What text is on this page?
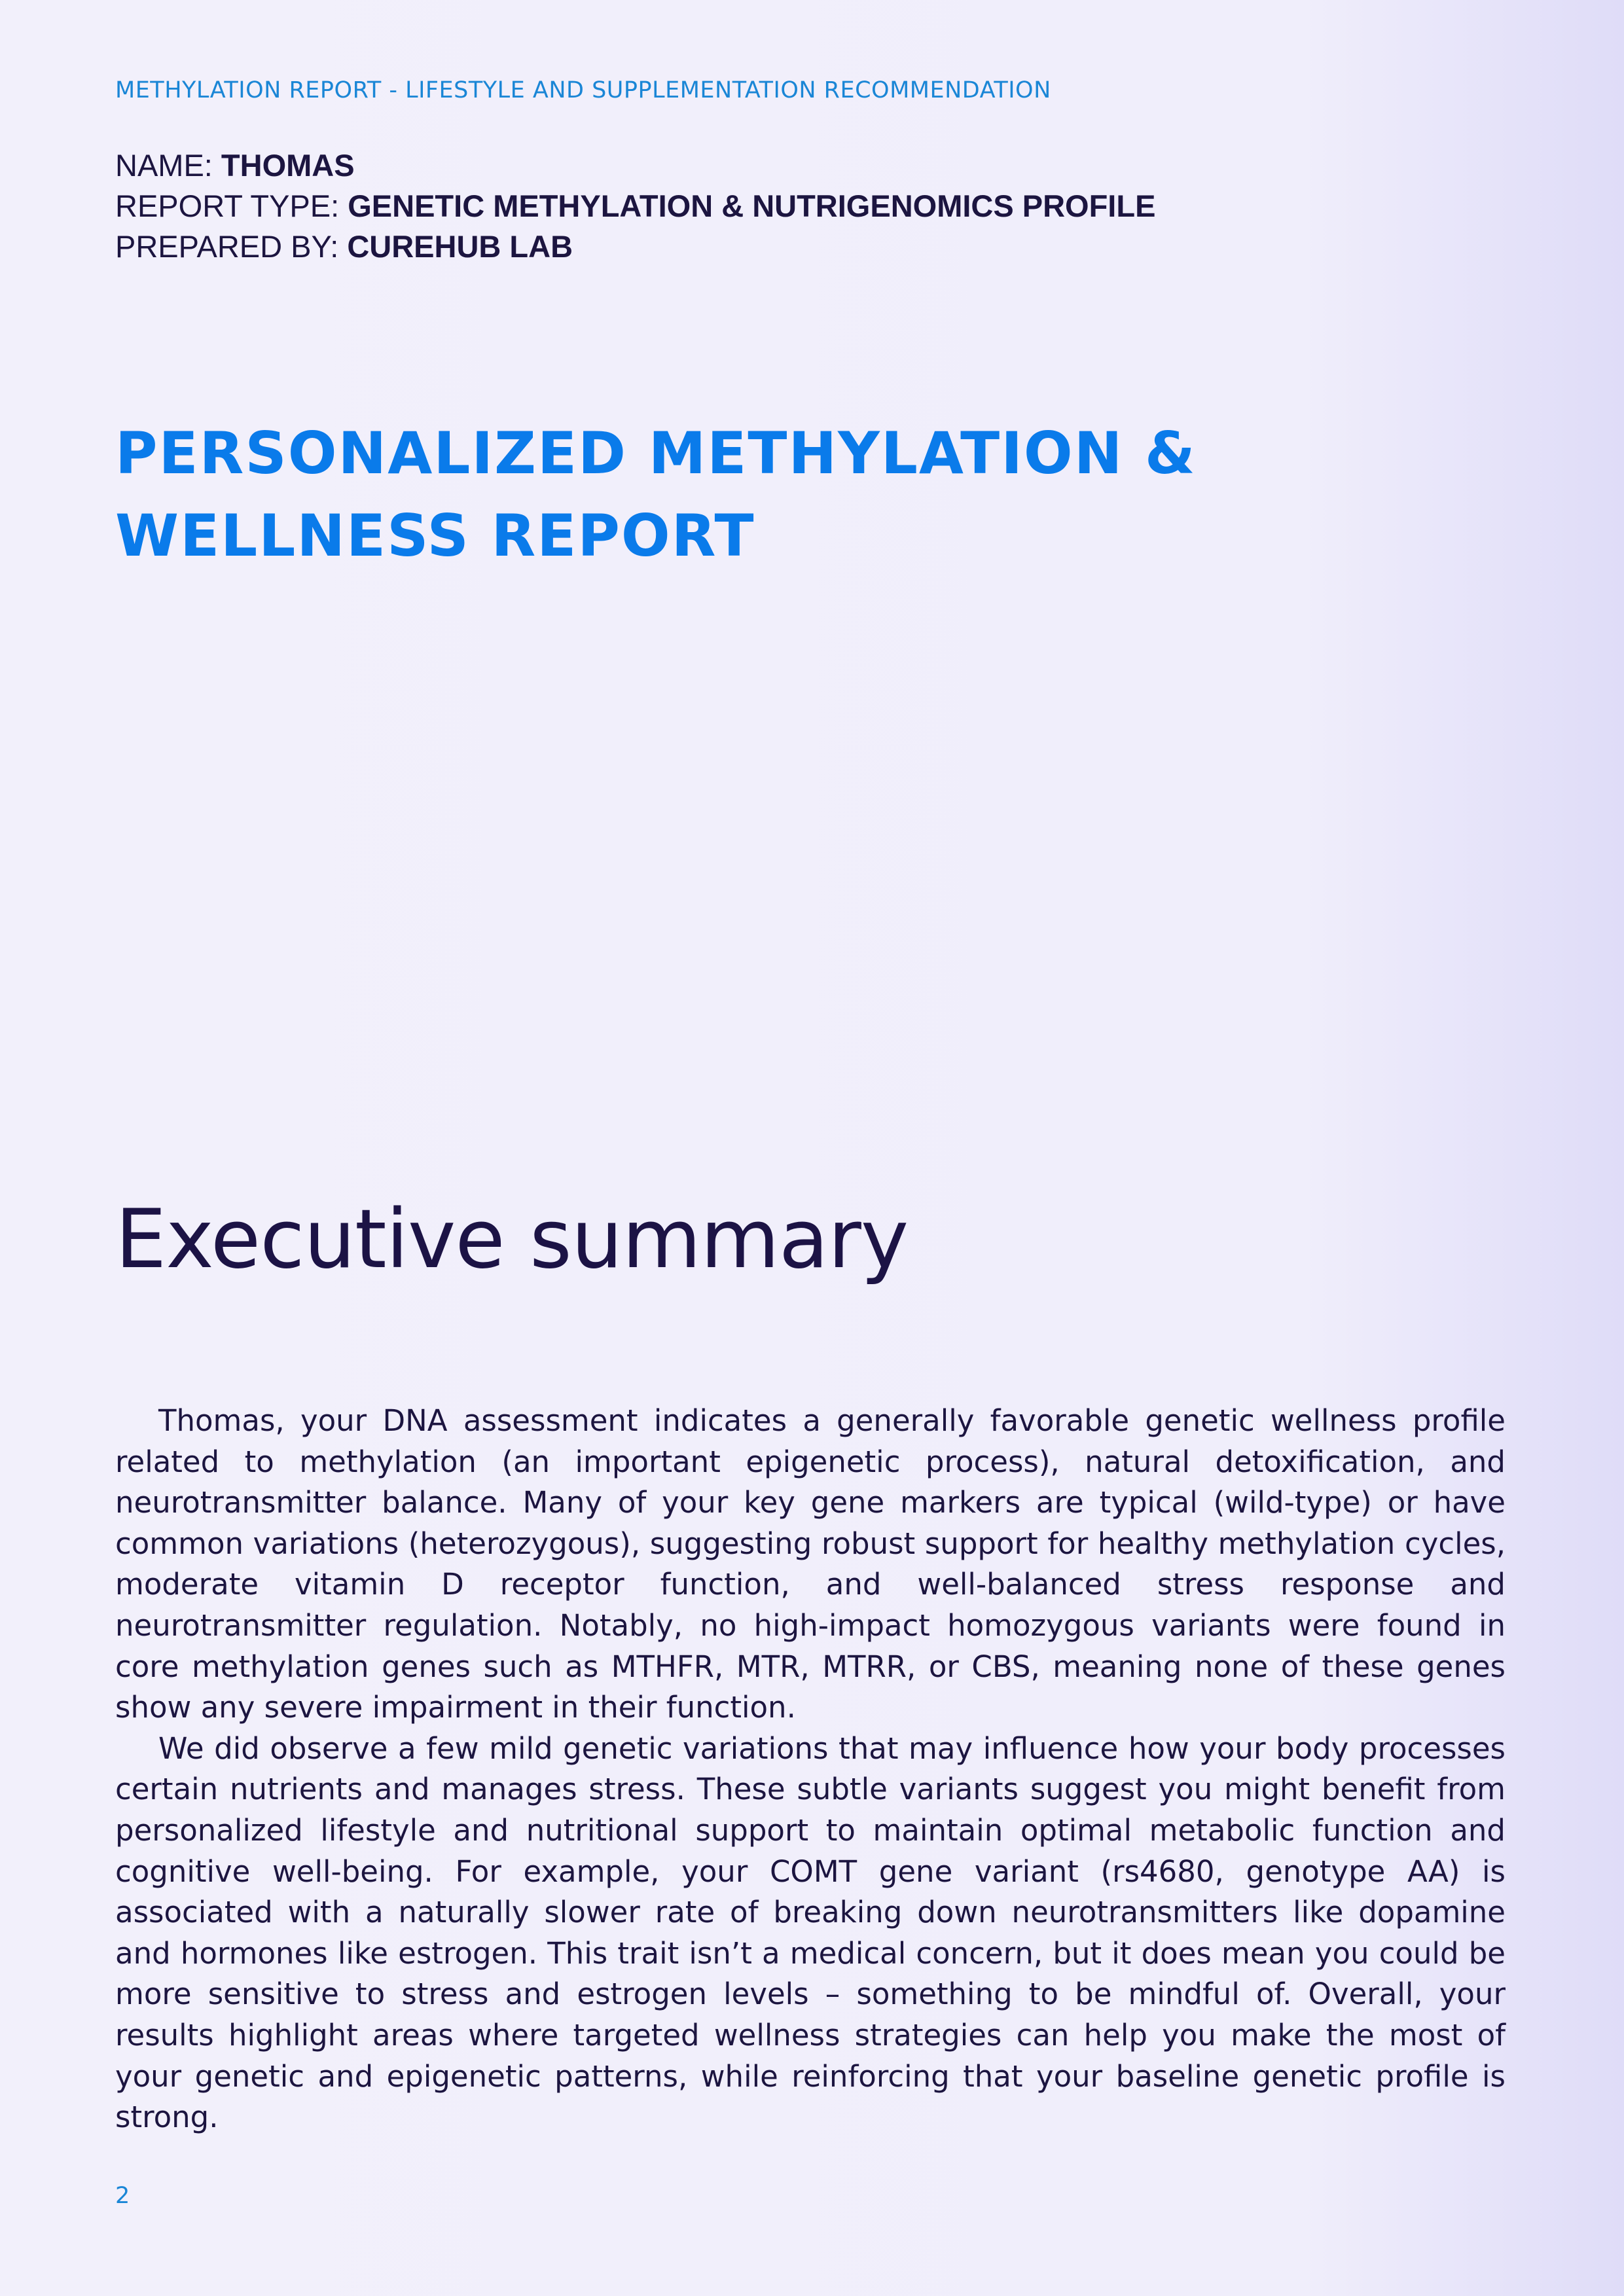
METHYLATION REPORT - LIFESTYLE AND SUPPLEMENTATION RECOMMENDATION
NAME: THOMAS
REPORT TYPE: GENETIC METHYLATION & NUTRIGENOMICS PROFILE
PREPARED BY: CUREHUB LAB
PERSONALIZED METHYLATION &
WELLNESS REPORT
Executive summary

Thomas, your DNA assessment indicates a generally favorable genetic wellness profile related to methylation (an important epigenetic process), natural detoxification, and neurotransmitter balance. Many of your key gene markers are typical (wild-type) or have common variations (heterozygous), suggesting robust support for healthy methylation cycles, moderate vitamin D receptor function, and well-balanced stress response and neurotransmitter regulation. Notably, no high-impact homozygous variants were found in core methylation genes such as MTHFR, MTR, MTRR, or CBS, meaning none of these genes show any severe impairment in their function.

We did observe a few mild genetic variations that may influence how your body processes certain nutrients and manages stress. These subtle variants suggest you might benefit from personalized lifestyle and nutritional support to maintain optimal metabolic function and cognitive well-being. For example, your COMT gene variant (rs4680, genotype AA) is associated with a naturally slower rate of breaking down neurotransmitters like dopamine and hormones like estrogen. This trait isn’t a medical concern, but it does mean you could be more sensitive to stress and estrogen levels – something to be mindful of. Overall, your results highlight areas where targeted wellness strategies can help you make the most of your genetic and epigenetic patterns, while reinforcing that your baseline genetic profile is strong.

2
